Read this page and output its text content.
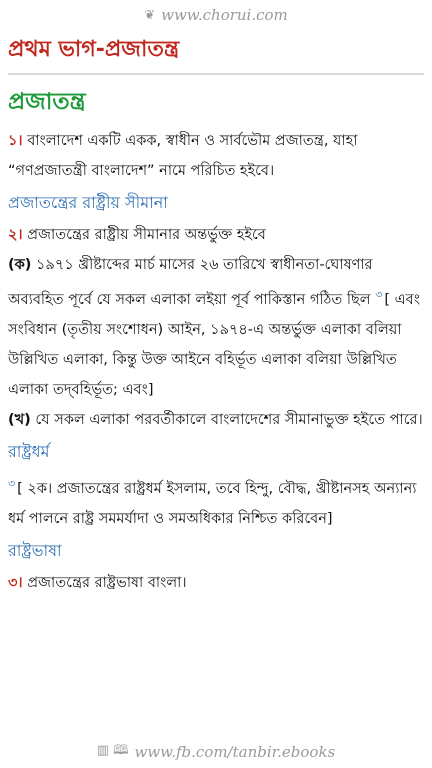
❦ www.chorui.com
প্রথম ভাগ-প্রজাতন্ত্র
প্রজাতন্ত্র
১। বাংলাদেশ একটি একক, স্বাধীন ও সার্বভৌম প্রজাতন্ত্র, যাহা “গণপ্রজাতন্ত্রী বাংলাদেশ” নামে পরিচিত হইবে।
প্রজাতন্ত্রের রাষ্ট্রীয় সীমানা
২। প্রজাতন্ত্রের রাষ্ট্রীয় সীমানার অন্তর্ভুক্ত হইবে
(ক) ১৯৭১ খ্রীষ্টাব্দের মার্চ মাসের ২৬ তারিখে স্বাধীনতা-ঘোষণার অব্যবহিত পূর্বে যে সকল এলাকা লইয়া পূর্ব পাকিস্তান গঠিত ছিল $^৩$ [ এবং সংবিধান (তৃতীয় সংশোধন) আইন, ১৯৭৪-এ অন্তর্ভুক্ত এলাকা বলিয়া উল্লিখিত এলাকা, কিন্তু উক্ত আইনে বহির্ভূত এলাকা বলিয়া উল্লিখিত এলাকা তদ্‌বহির্ভূত; এবং]
(খ) যে সকল এলাকা পরবর্তীকালে বাংলাদেশের সীমানাভুক্ত হইতে পারে।
রাষ্ট্রধর্ম
$^৩$ [ ২ক। প্রজাতন্ত্রের রাষ্ট্রধর্ম ইসলাম, তবে হিন্দু, বৌদ্ধ, খ্রীষ্টানসহ অন্যান্য ধর্ম পালনে রাষ্ট্র সমমর্যাদা ও সমঅধিকার নিশ্চিত করিবেন]
রাষ্ট্রভাষা
৩। প্রজাতন্ত্রের রাষ্ট্রভাষা বাংলা।
▥ 🕮 www.fb.com/tanbir.ebooks
